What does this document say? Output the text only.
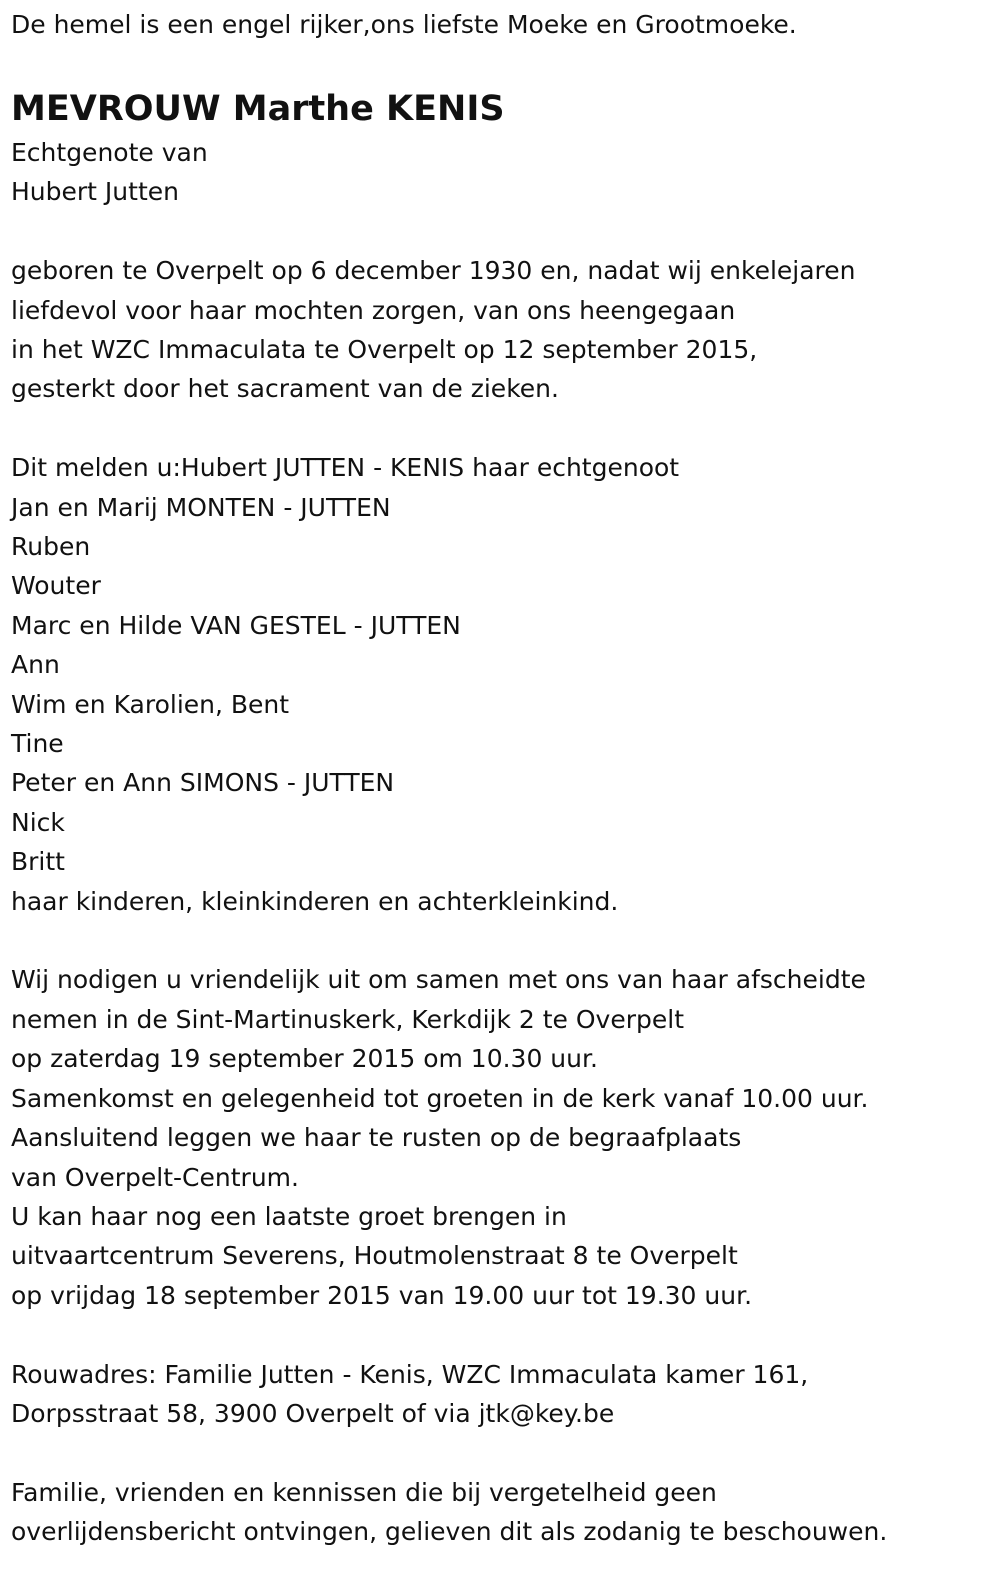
De hemel is een engel rijker,ons liefste Moeke en Grootmoeke.

MEVROUW Marthe KENIS
Echtgenote van
Hubert Jutten
geboren te Overpelt op 6 december 1930 en, nadat wij enkelejaren
liefdevol voor haar mochten zorgen, van ons heengegaan
in het WZC Immaculata te Overpelt op 12 september 2015,
gesterkt door het sacrament van de zieken.
Dit melden u:Hubert JUTTEN - KENIS haar echtgenoot
Jan en Marij MONTEN - JUTTEN
Ruben
Wouter
Marc en Hilde VAN GESTEL - JUTTEN
Ann
Wim en Karolien, Bent
Tine
Peter en Ann SIMONS - JUTTEN
Nick
Britt
haar kinderen, kleinkinderen en achterkleinkind.
Wij nodigen u vriendelijk uit om samen met ons van haar afscheidte
nemen in de Sint-Martinuskerk, Kerkdijk 2 te Overpelt
op zaterdag 19 september 2015 om 10.30 uur.
Samenkomst en gelegenheid tot groeten in de kerk vanaf 10.00 uur.
Aansluitend leggen we haar te rusten op de begraafplaats
van Overpelt-Centrum.
U kan haar nog een laatste groet brengen in
uitvaartcentrum Severens, Houtmolenstraat 8 te Overpelt
op vrijdag 18 september 2015 van 19.00 uur tot 19.30 uur.
Rouwadres: Familie Jutten - Kenis, WZC Immaculata kamer 161,
Dorpsstraat 58, 3900 Overpelt of via jtk@key.be
Familie, vrienden en kennissen die bij vergetelheid geen
overlijdensbericht ontvingen, gelieven dit als zodanig te beschouwen.
